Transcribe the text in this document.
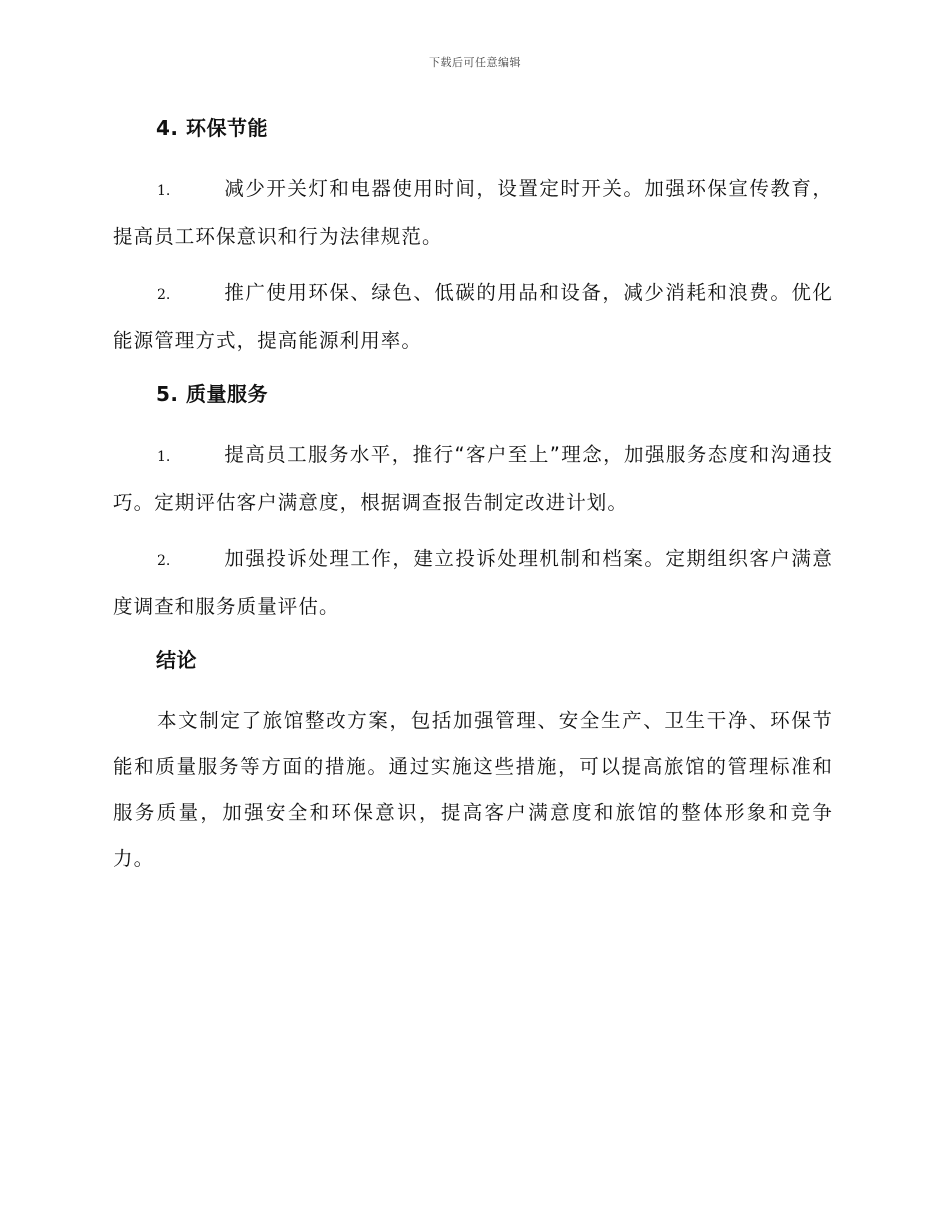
下载后可任意编辑
4. 环保节能

1.	减少开关灯和电器使用时间，设置定时开关。加强环保宣传教育，提高员工环保意识和行为法律规范。

2.	推广使用环保、绿色、低碳的用品和设备，减少消耗和浪费。优化能源管理方式，提高能源利用率。

5. 质量服务

1.	提高员工服务水平，推行“客户至上”理念，加强服务态度和沟通技巧。定期评估客户满意度，根据调查报告制定改进计划。

2.	加强投诉处理工作，建立投诉处理机制和档案。定期组织客户满意度调查和服务质量评估。

结论

本文制定了旅馆整改方案，包括加强管理、安全生产、卫生干净、环保节能和质量服务等方面的措施。通过实施这些措施，可以提高旅馆的管理标准和服务质量，加强安全和环保意识，提高客户满意度和旅馆的整体形象和竞争力。
